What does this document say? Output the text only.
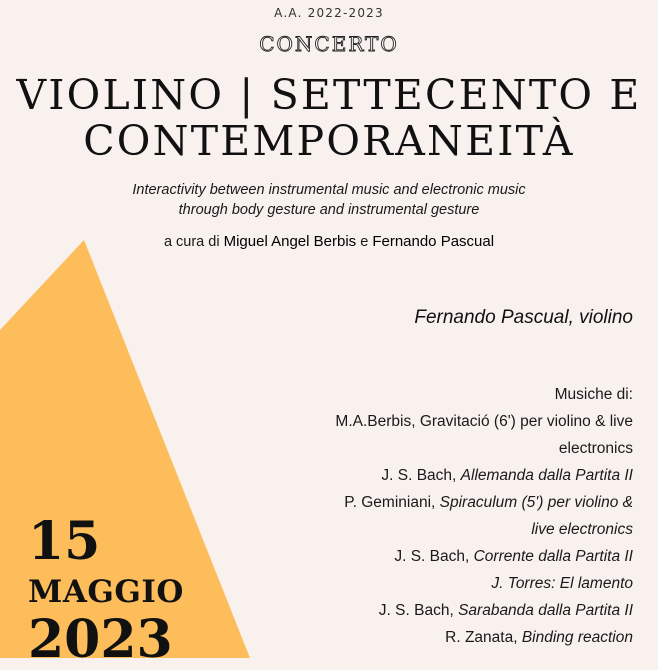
A.A. 2022-2023
CONCERTO
VIOLINO | SETTECENTO E
CONTEMPORANEITÀ
Interactivity between instrumental music and electronic music
through body gesture and instrumental gesture
a cura di Miguel Angel Berbis e Fernando Pascual
Fernando Pascual, violino
Musiche di:
M.A.Berbis, Gravitació (6') per violino & live
electronics
J. S. Bach, Allemanda dalla Partita II
P. Geminiani, Spiraculum (5') per violino &
live electronics
J. S. Bach, Corrente dalla Partita II
J. Torres: El lamento
J. S. Bach, Sarabanda dalla Partita II
R. Zanata, Binding reaction
15
MAGGIO
2023
